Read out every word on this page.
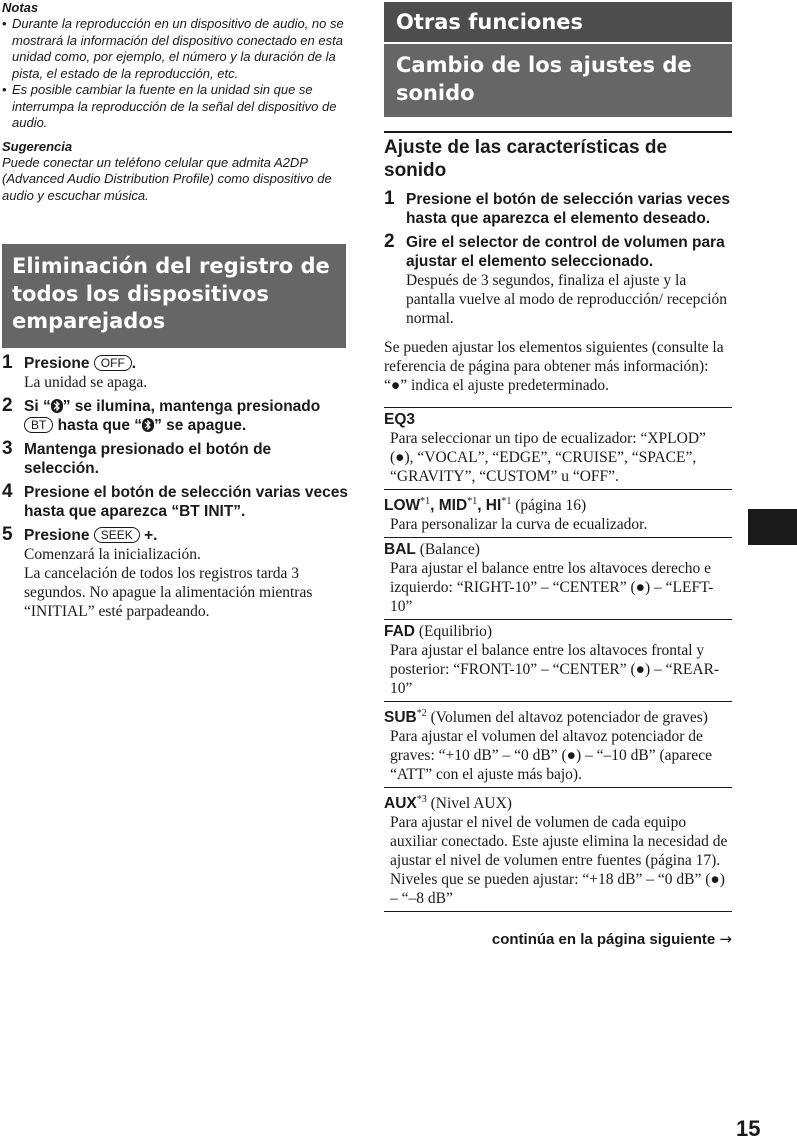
Notas
• Durante la reproducción en un dispositivo de audio, no se mostrará la información del dispositivo conectado en esta unidad como, por ejemplo, el número y la duración de la pista, el estado de la reproducción, etc.
• Es posible cambiar la fuente en la unidad sin que se interrumpa la reproducción de la señal del dispositivo de audio.
Sugerencia
Puede conectar un teléfono celular que admita A2DP (Advanced Audio Distribution Profile) como dispositivo de audio y escuchar música.
Eliminación del registro de todos los dispositivos emparejados
1 Presione OFF .
La unidad se apaga.
2 Si “ ” se ilumina, mantenga presionado BT hasta que “ ” se apague.
3 Mantenga presionado el botón de selección.
4 Presione el botón de selección varias veces hasta que aparezca “BT INIT”.
5 Presione SEEK +.
Comenzará la inicialización.
La cancelación de todos los registros tarda 3 segundos. No apague la alimentación mientras “INITIAL” esté parpadeando.
Otras funciones
Cambio de los ajustes de sonido
Ajuste de las características de sonido
1 Presione el botón de selección varias veces hasta que aparezca el elemento deseado.
2 Gire el selector de control de volumen para ajustar el elemento seleccionado.
Después de 3 segundos, finaliza el ajuste y la pantalla vuelve al modo de reproducción/ recepción normal.
Se pueden ajustar los elementos siguientes (consulte la referencia de página para obtener más información):
“●” indica el ajuste predeterminado.
EQ3
Para seleccionar un tipo de ecualizador: “XPLOD” (●), “VOCAL”, “EDGE”, “CRUISE”, “SPACE”, “GRAVITY”, “CUSTOM” u “OFF”.
LOW$^{*1}$, MID$^{*1}$, HI$^{*1}$ (página 16)
Para personalizar la curva de ecualizador.
BAL (Balance)
Para ajustar el balance entre los altavoces derecho e izquierdo: “RIGHT-10” – “CENTER” (●) – “LEFT-10”
FAD (Equilibrio)
Para ajustar el balance entre los altavoces frontal y posterior: “FRONT-10” – “CENTER” (●) – “REAR-10”
SUB$^{*2}$ (Volumen del altavoz potenciador de graves)
Para ajustar el volumen del altavoz potenciador de graves: “+10 dB” – “0 dB” (●) – “–10 dB” (aparece “ATT” con el ajuste más bajo).
AUX$^{*3}$ (Nivel AUX)
Para ajustar el nivel de volumen de cada equipo auxiliar conectado. Este ajuste elimina la necesidad de ajustar el nivel de volumen entre fuentes (página 17).
Niveles que se pueden ajustar: “+18 dB” – “0 dB” (●) – “–8 dB”
continúa en la página siguiente →
15
